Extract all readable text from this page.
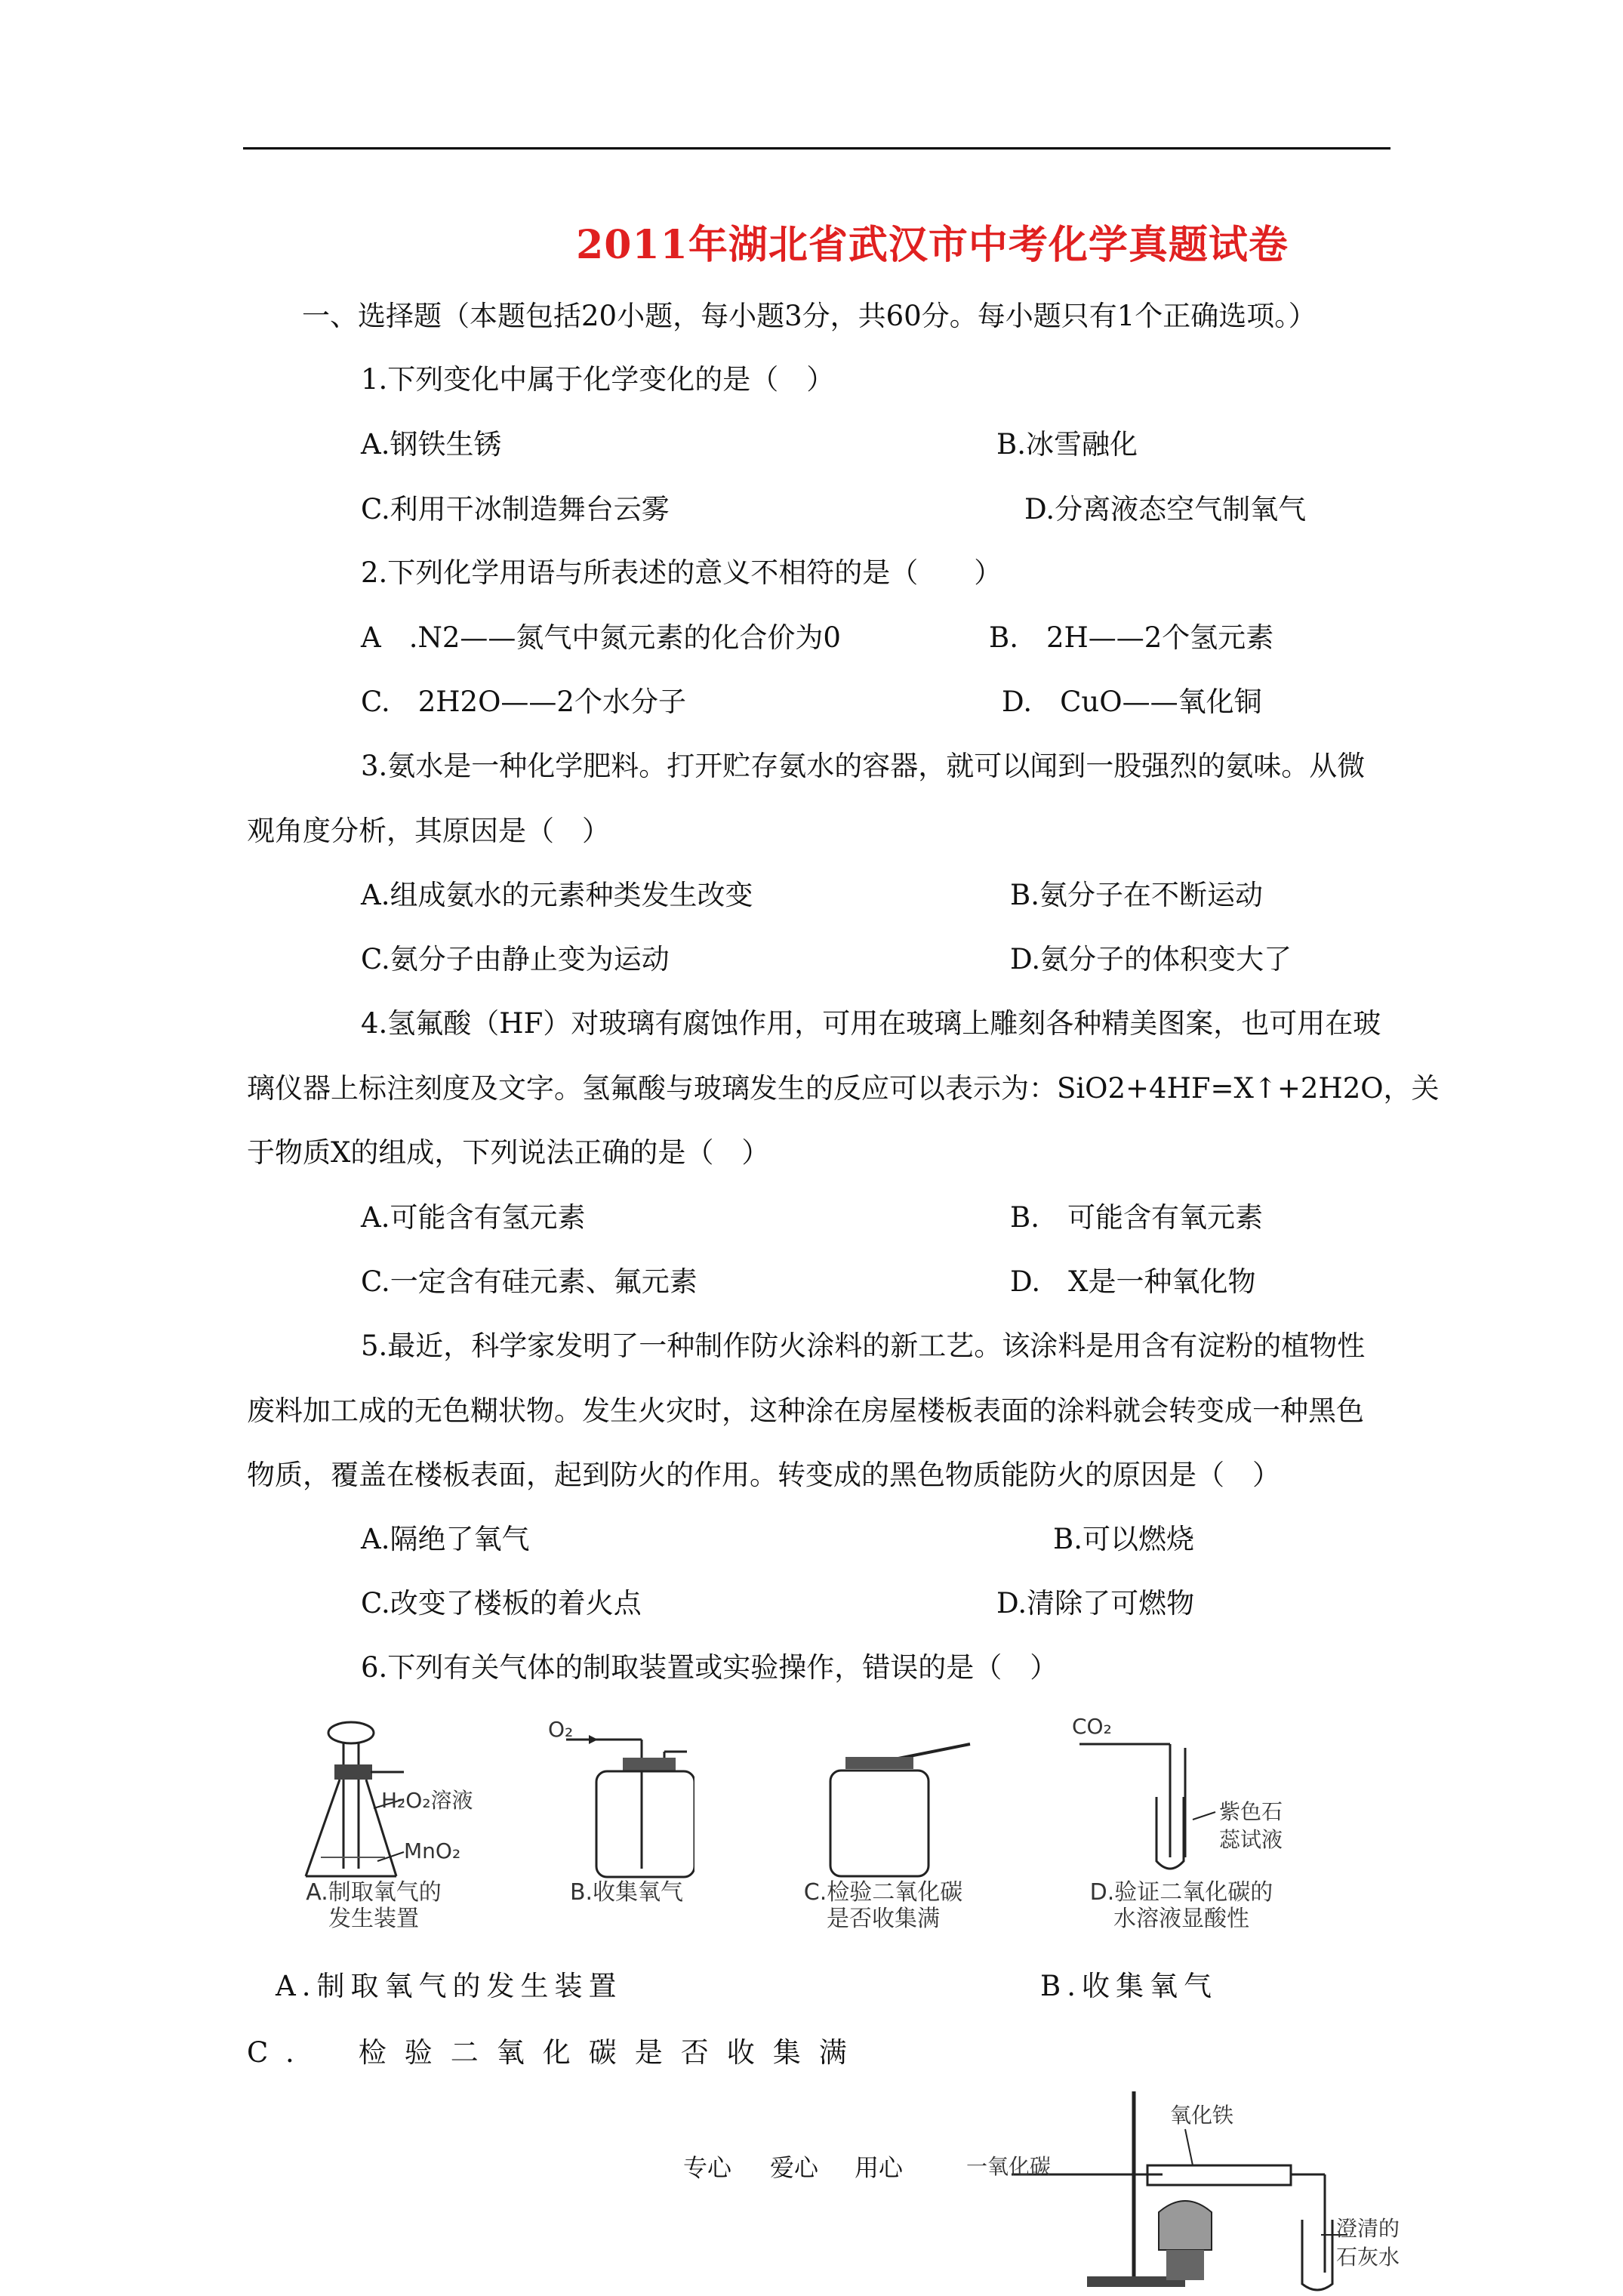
2011年湖北省武汉市中考化学真题试卷
一、选择题（本题包括20小题，每小题3分，共60分。每小题只有1个正确选项。）
1.下列变化中属于化学变化的是（　）
A.钢铁生锈	B.冰雪融化
C.利用干冰制造舞台云雾	D.分离液态空气制氧气
2.下列化学用语与所表述的意义不相符的是（　　）
A　.N2——氮气中氮元素的化合价为0	B.　2H——2个氢元素
C.　2H2O——2个水分子	D.　CuO——氧化铜
3.氨水是一种化学肥料。打开贮存氨水的容器，就可以闻到一股强烈的氨味。从微
观角度分析，其原因是（　）
A.组成氨水的元素种类发生改变	B.氨分子在不断运动
C.氨分子由静止变为运动	D.氨分子的体积变大了
4.氢氟酸（HF）对玻璃有腐蚀作用，可用在玻璃上雕刻各种精美图案，也可用在玻
璃仪器上标注刻度及文字。氢氟酸与玻璃发生的反应可以表示为：SiO2+4HF=X↑+2H2O，关
于物质X的组成，下列说法正确的是（　）
A.可能含有氢元素	B.　可能含有氧元素
C.一定含有硅元素、氟元素	D.　X是一种氧化物
5.最近，科学家发明了一种制作防火涂料的新工艺。该涂料是用含有淀粉的植物性
废料加工成的无色糊状物。发生火灾时，这种涂在房屋楼板表面的涂料就会转变成一种黑色
物质，覆盖在楼板表面，起到防火的作用。转变成的黑色物质能防火的原因是（　）
A.隔绝了氧气	B.可以燃烧
C.改变了楼板的着火点	D.清除了可燃物
6.下列有关气体的制取装置或实验操作，错误的是（　）
H₂O₂溶液
MnO₂
A.制取氧气的
发生装置
O₂
B.收集氧气	C.检验二氧化碳
是否收集满
CO₂
紫色石
蕊试液
D.验证二氧化碳的
水溶液显酸性
A.制取氧气的发生装置	B.收集氧气
C.　检验二氧化碳是否收集满
氧化铁
一氧化碳
澄清的
石灰水
专心 爱心 用心
